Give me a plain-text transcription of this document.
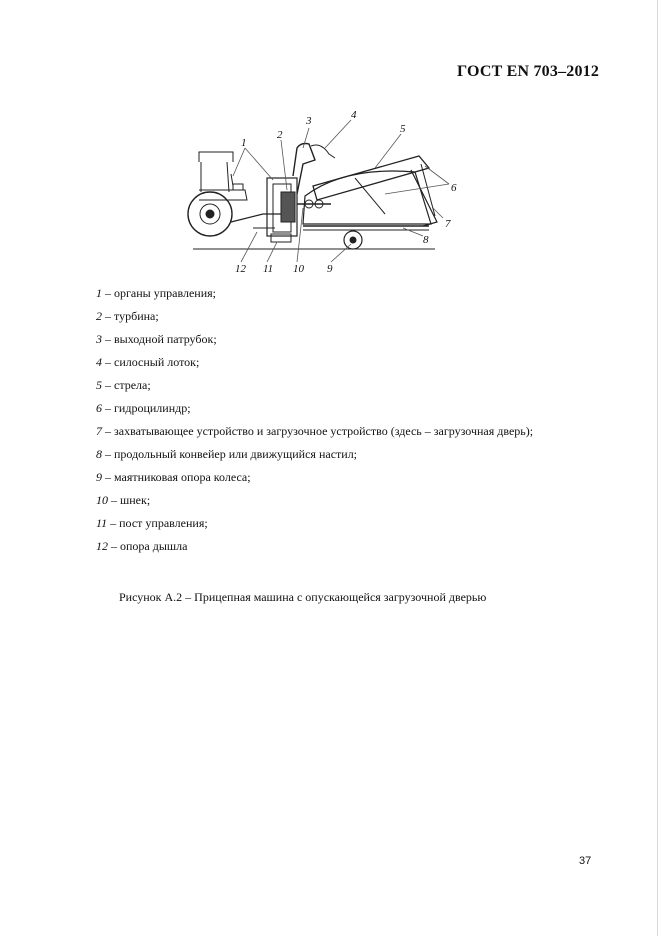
ГОСТ EN 703–2012
1
2
3	4
5
6
7
8
9
10
11
12
1 – органы управления;
2 – турбина;
3 – выходной патрубок;
4 – силосный лоток;
5 – стрела;
6 – гидроцилиндр;
7 – захватывающее устройство и загрузочное устройство (здесь – загрузочная дверь);
8 – продольный конвейер или движущийся настил;
9 – маятниковая опора колеса;
10 – шнек;
11 – пост управления;
12 – опора дышла
Рисунок А.2 – Прицепная машина с опускающейся загрузочной дверью
37
